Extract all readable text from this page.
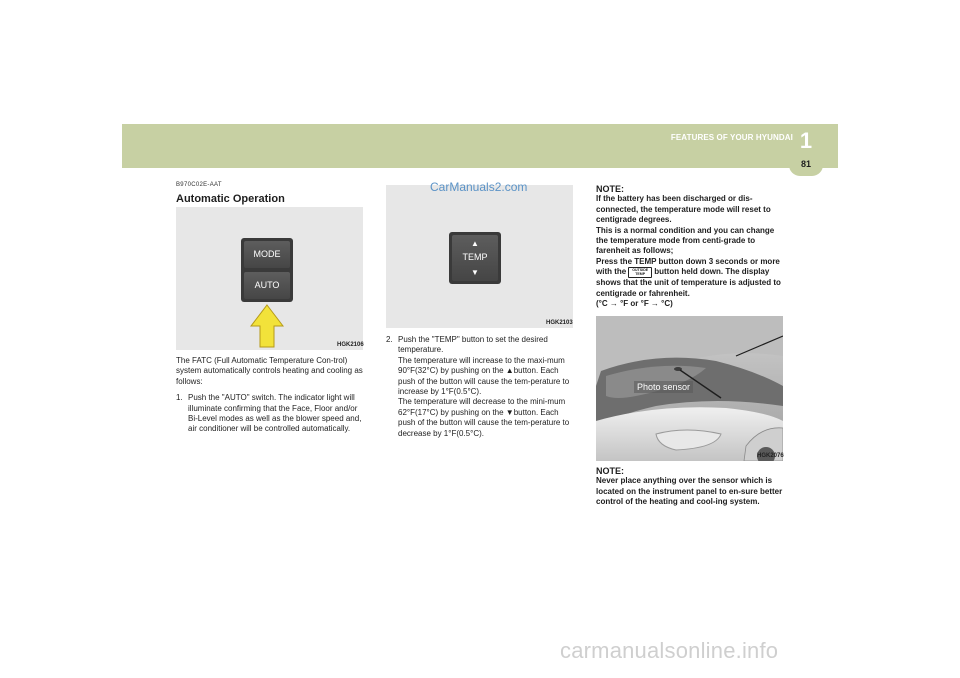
FEATURES OF YOUR HYUNDAI 1
81
B970C02E-AAT
Automatic Operation
MODE
AUTO
HGK2106

The FATC (Full Automatic Temperature Con-trol) system automatically controls heating and cooling as follows:

1. Push the "AUTO" switch. The indicator light will illuminate confirming that the Face, Floor and/or Bi-Level modes as well as the blower speed and, air conditioner will be controlled automatically.

CarManuals2.com
▲
TEMP
▼
HGK2103
2. Push the "TEMP" button to set the desired temperature.

The temperature will increase to the maxi-mum 90°F(32°C) by pushing on the ▲button. Each push of the button will cause the tem-perature to increase by 1°F(0.5°C).

The temperature will decrease to the mini-mum 62°F(17°C) by pushing on the ▼button. Each push of the button will cause the tem-perature to decrease by 1°F(0.5°C).

NOTE:

If the battery has been discharged or dis-connected, the temperature mode will reset to centigrade degrees.

This is a normal condition and you can change the temperature mode from centi-grade to farenheit as follows;

Press the TEMP button down 3 seconds or more with the OUTSIDE
TEMP button held down. The display shows that the unit of temperature is adjusted to centigrade or fahrenheit.

(°C → °F or °F → °C)

Photo sensor
HGK2076
NOTE:

Never place anything over the sensor which is located on the instrument panel to en-sure better control of the heating and cool-ing system.

carmanualsonline.info
